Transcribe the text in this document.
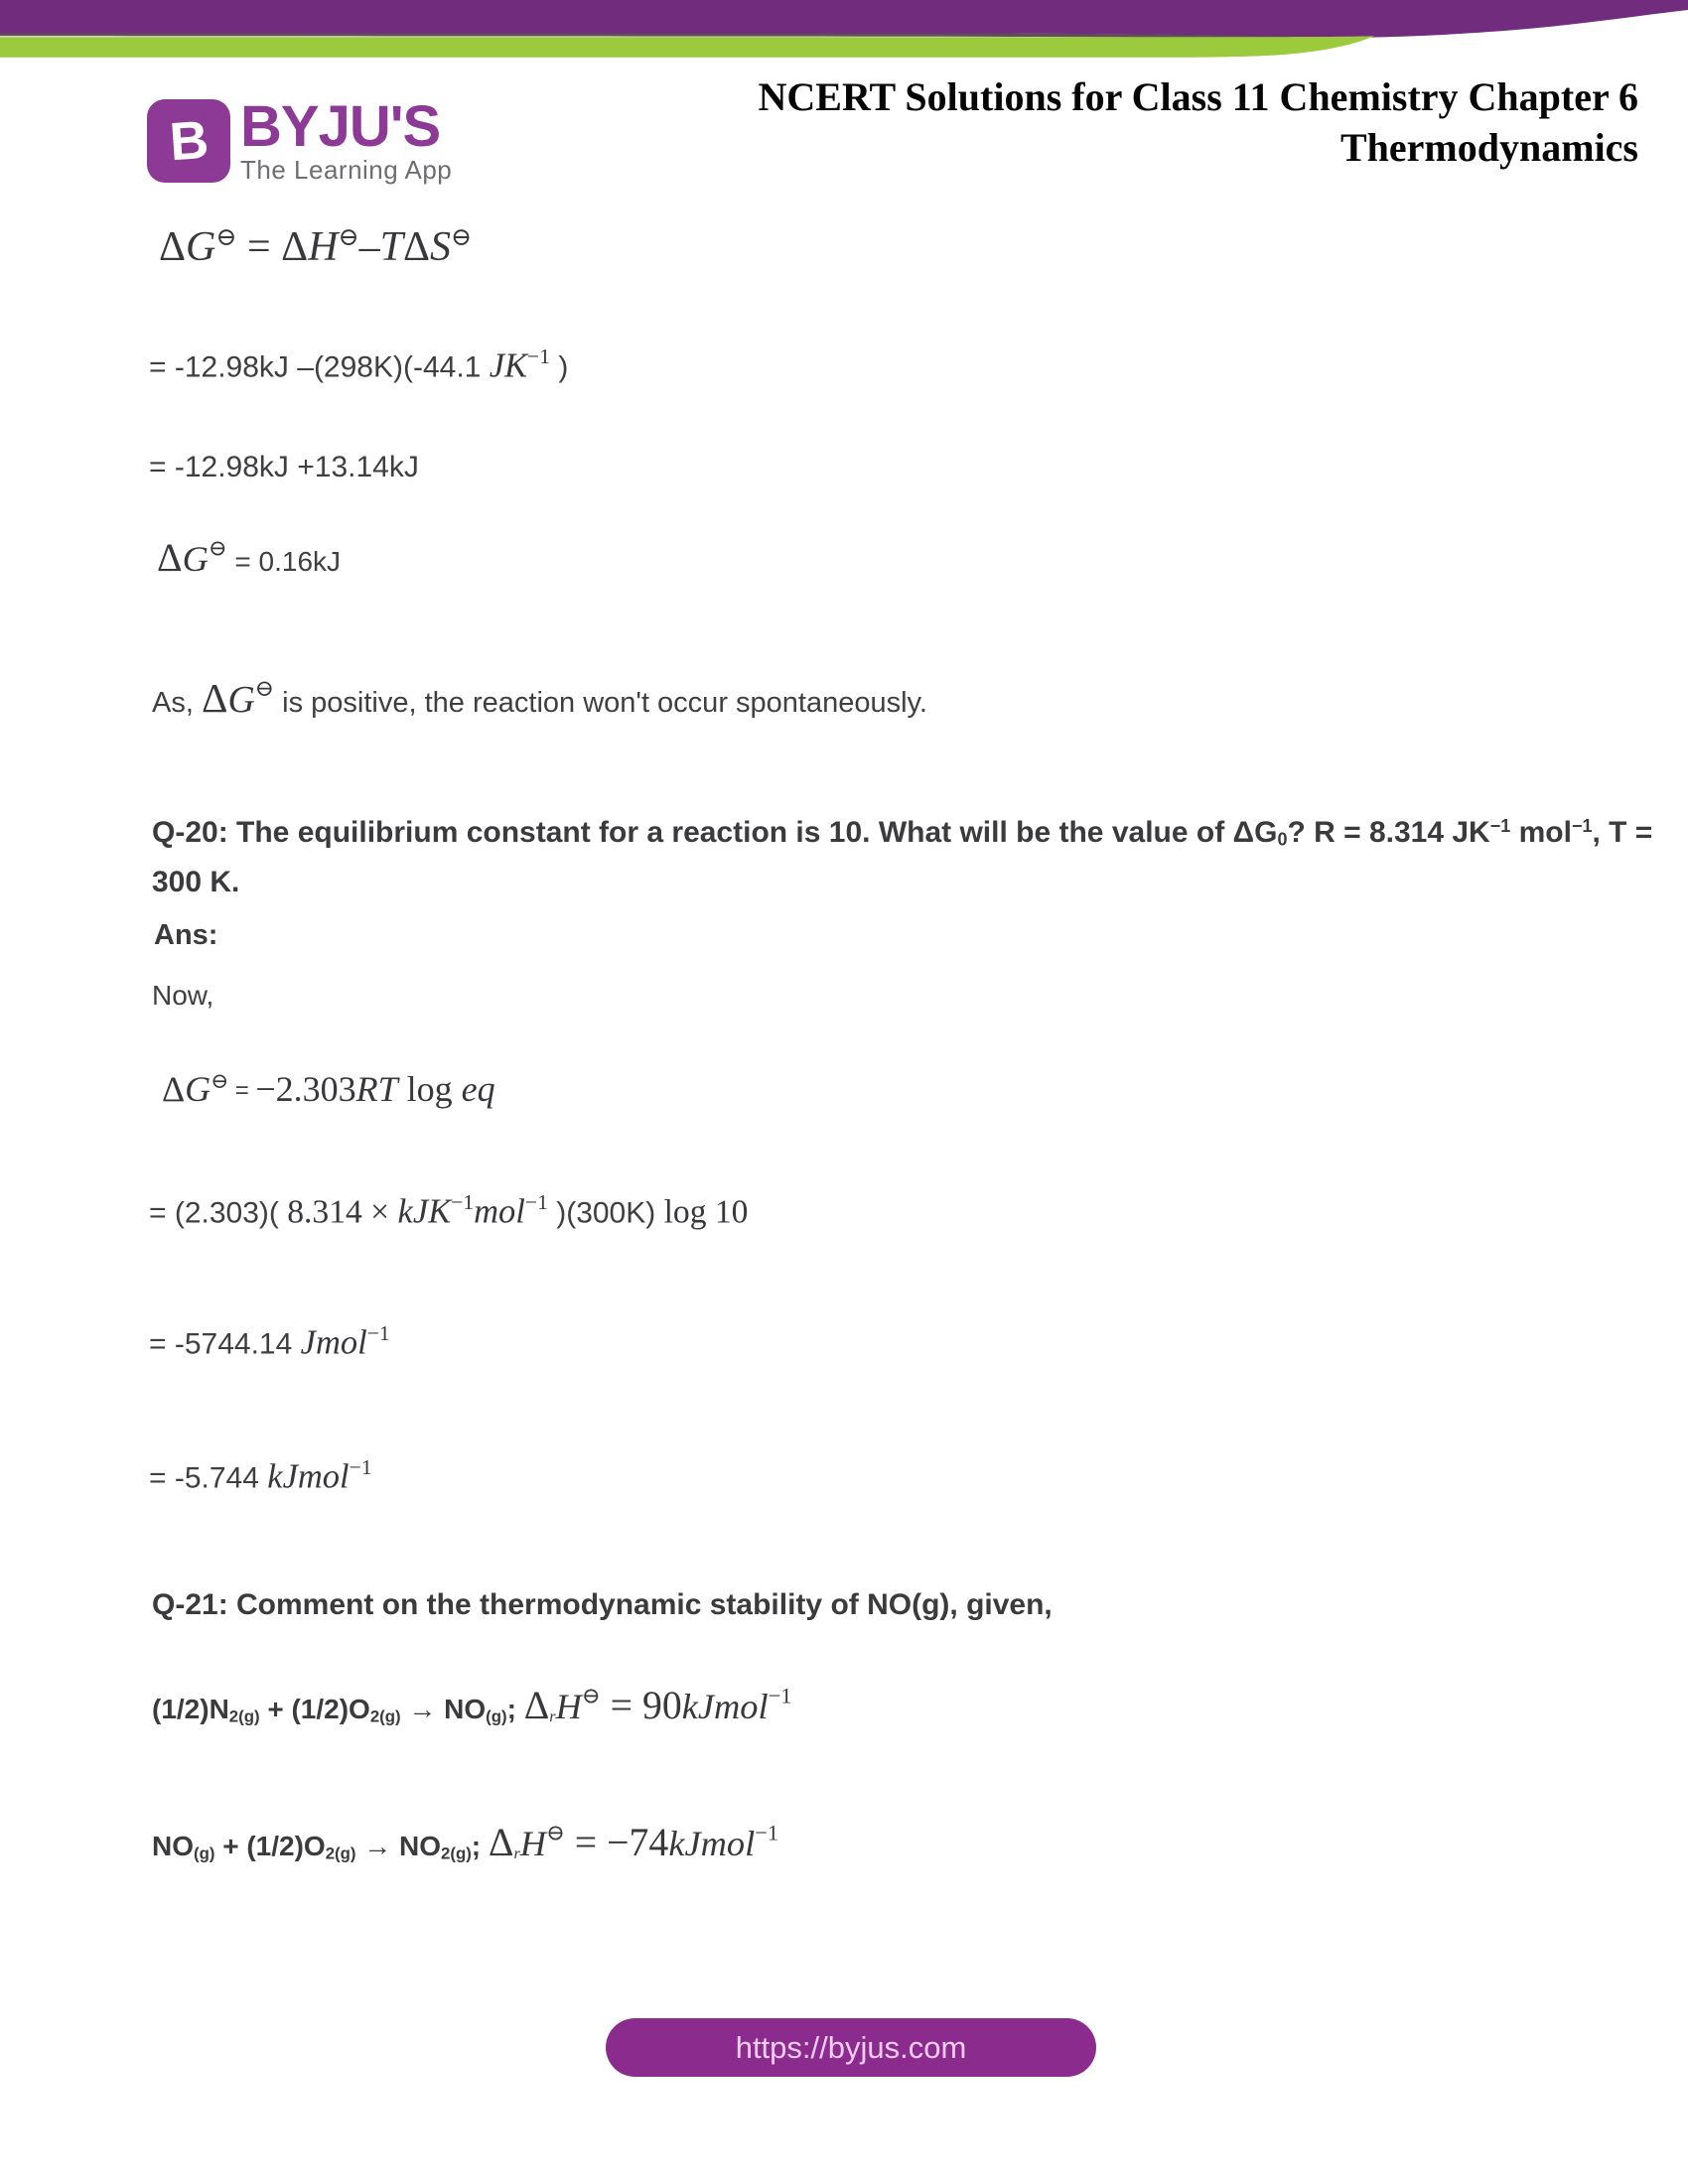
B BYJU'S
The Learning App
NCERT Solutions for Class 11 Chemistry Chapter 6
Thermodynamics
ΔG⊖ = ΔH⊖–TΔS⊖
= -12.98kJ –(298K)(-44.1 $JK^{-1}$ )
= -12.98kJ +13.14kJ
ΔG⊖ = 0.16kJ
As, ΔG⊖ is positive, the reaction won't occur spontaneously.
Q-20: The equilibrium constant for a reaction is 10. What will be the value of ΔG0? R = 8.314 $JK^{-1}$ mol$^{-1}$, T =
300 K.
Ans:
Now,
ΔG⊖ = −2.303RT log eq
= (2.303)( 8.314 × kJK$^{-1}$mol$^{-1}$ )(300K) log 10
= -5744.14 Jmol$^{-1}$
= -5.744 kJmol$^{-1}$
Q-21: Comment on the thermodynamic stability of NO(g), given,
(1/2)N2(g) + (1/2)O2(g) → NO(g); ΔrH⊖ = 90kJmol$^{-1}$
NO(g) + (1/2)O2(g) → NO2(g); ΔrH⊖ = −74kJmol$^{-1}$
https://byjus.com
